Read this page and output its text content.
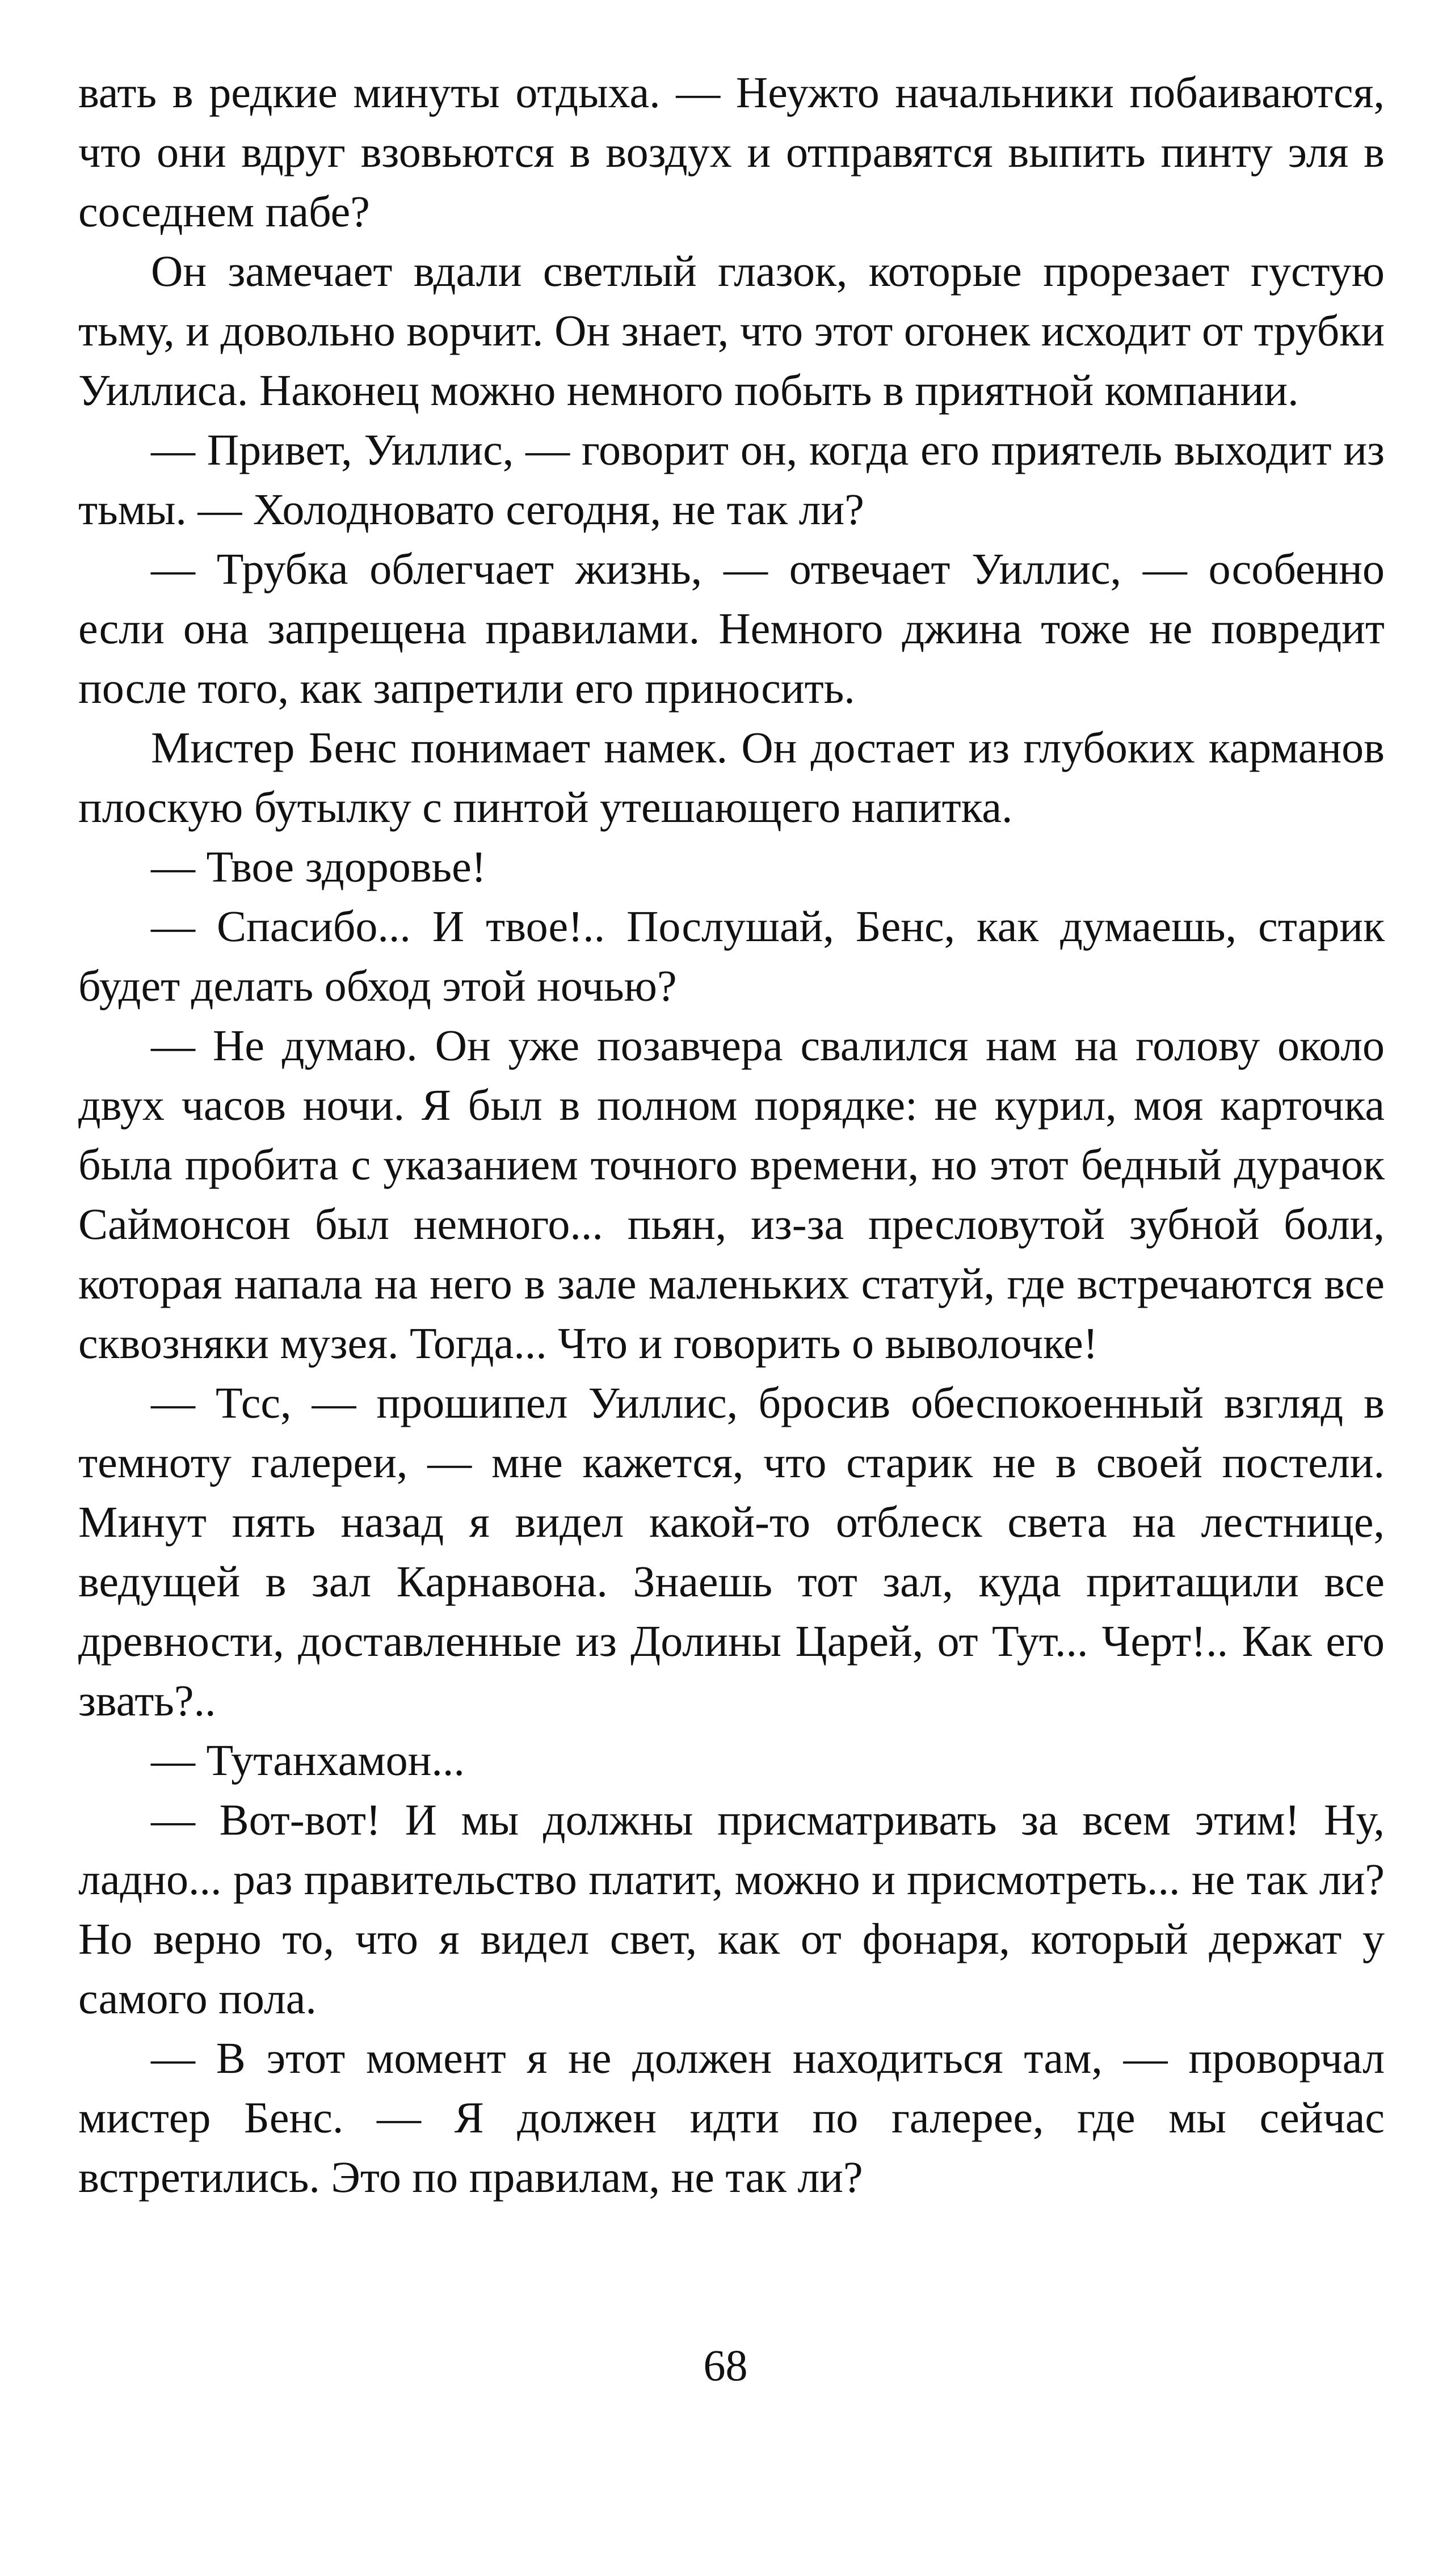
вать в редкие минуты отдыха. — Неужто начальники побаиваются, что они вдруг взовьются в воздух и отправятся выпить пинту эля в соседнем пабе?

Он замечает вдали светлый глазок, которые прорезает густую тьму, и довольно ворчит. Он знает, что этот огонек исходит от трубки Уиллиса. Наконец можно немного побыть в приятной компании.

— Привет, Уиллис, — говорит он, когда его приятель выходит из тьмы. — Холодновато сегодня, не так ли?

— Трубка облегчает жизнь, — отвечает Уиллис, — особенно если она запрещена правилами. Немного джина тоже не повредит после того, как запретили его приносить.

Мистер Бенс понимает намек. Он достает из глубоких карманов плоскую бутылку с пинтой утешающего напитка.

— Твое здоровье!

— Спасибо... И твое!.. Послушай, Бенс, как думаешь, старик будет делать обход этой ночью?

— Не думаю. Он уже позавчера свалился нам на голову около двух часов ночи. Я был в полном порядке: не курил, моя карточка была пробита с указанием точного времени, но этот бедный дурачок Саймонсон был немного... пьян, из-за пресловутой зубной боли, которая напала на него в зале маленьких статуй, где встречаются все сквозняки музея. Тогда... Что и говорить о выволочке!

— Тсс, — прошипел Уиллис, бросив обеспокоенный взгляд в темноту галереи, — мне кажется, что старик не в своей постели. Минут пять назад я видел какой-то отблеск света на лестнице, ведущей в зал Карнавона. Знаешь тот зал, куда притащили все древности, доставленные из Долины Царей, от Тут... Черт!.. Как его звать?..

— Тутанхамон...

— Вот-вот! И мы должны присматривать за всем этим! Ну, ладно... раз правительство платит, можно и присмотреть... не так ли? Но верно то, что я видел свет, как от фонаря, который держат у самого пола.

— В этот момент я не должен находиться там, — проворчал мистер Бенс. — Я должен идти по галерее, где мы сейчас встретились. Это по правилам, не так ли?

68
